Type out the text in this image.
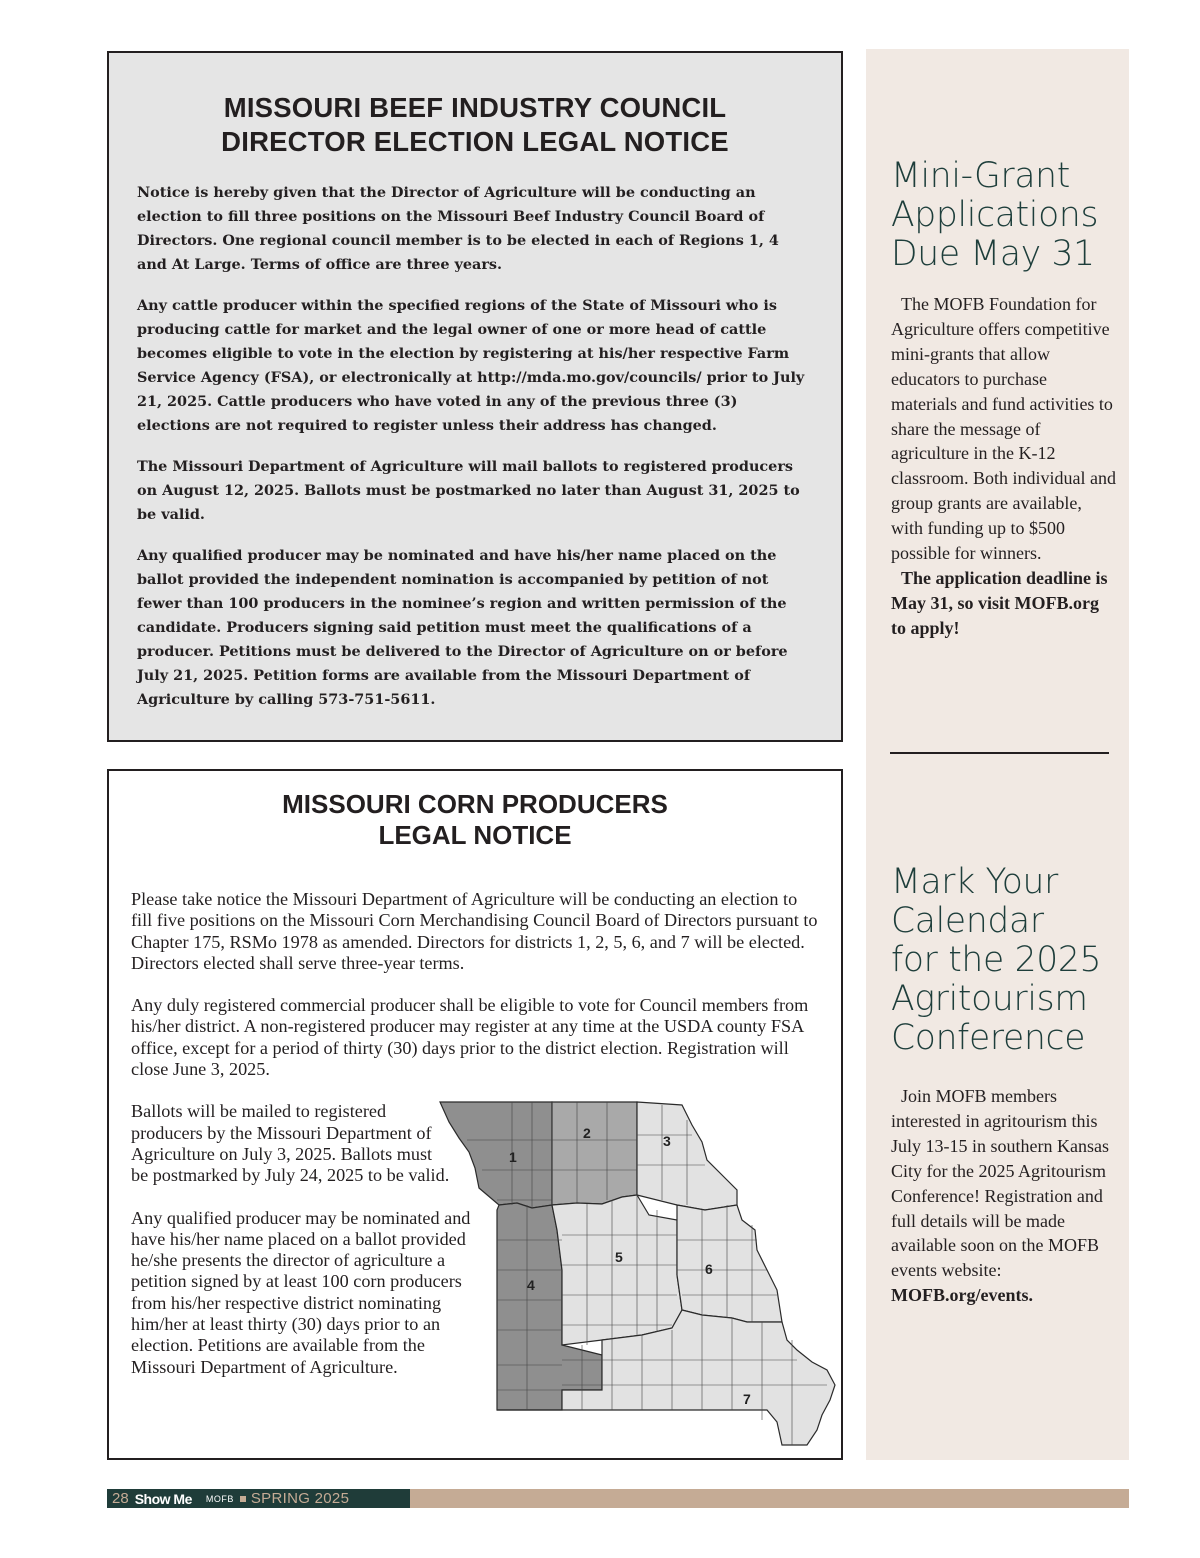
MISSOURI BEEF INDUSTRY COUNCIL
DIRECTOR ELECTION LEGAL NOTICE

Notice is hereby given that the Director of Agriculture will be conducting an election to fill three positions on the Missouri Beef Industry Council Board of Directors. One regional council member is to be elected in each of Regions 1, 4 and At Large. Terms of office are three years.

Any cattle producer within the specified regions of the State of Missouri who is producing cattle for market and the legal owner of one or more head of cattle becomes eligible to vote in the election by registering at his/her respective Farm Service Agency (FSA), or electronically at http://mda.mo.gov/councils/ prior to July 21, 2025. Cattle producers who have voted in any of the previous three (3) elections are not required to register unless their address has changed.

The Missouri Department of Agriculture will mail ballots to registered producers on August 12, 2025. Ballots must be postmarked no later than August 31, 2025 to be valid.

Any qualified producer may be nominated and have his/her name placed on the ballot provided the independent nomination is accompanied by petition of not fewer than 100 producers in the nominee’s region and written permission of the candidate. Producers signing said petition must meet the qualifications of a producer. Petitions must be delivered to the Director of Agriculture on or before July 21, 2025. Petition forms are available from the Missouri Department of Agriculture by calling 573-751-5611.

MISSOURI CORN PRODUCERS
LEGAL NOTICE

Please take notice the Missouri Department of Agriculture will be conducting an election to fill five positions on the Missouri Corn Merchandising Council Board of Directors pursuant to Chapter 175, RSMo 1978 as amended. Directors for districts 1, 2, 5, 6, and 7 will be elected. Directors elected shall serve three-year terms.

Any duly registered commercial producer shall be eligible to vote for Council members from his/her district. A non-registered producer may register at any time at the USDA county FSA office, except for a period of thirty (30) days prior to the district election. Registration will close June 3, 2025.

Ballots will be mailed to registered producers by the Missouri Department of Agriculture on July 3, 2025. Ballots must be postmarked by July 24, 2025 to be valid.

Any qualified producer may be nominated and have his/her name placed on a ballot provided he/she presents the director of agriculture a petition signed by at least 100 corn producers from his/her respective district nominating him/her at least thirty (30) days prior to an election. Petitions are available from the Missouri Department of Agriculture.

1
2	3
4
5
6
7
Mini-Grant
Applications
Due May 31

The MOFB Foundation for Agriculture offers competitive mini-grants that allow educators to purchase materials and fund activities to share the message of agriculture in the K-12 classroom. Both individual and group grants are available, with funding up to $500 possible for winners.

The application deadline is May 31, so visit MOFB.org to apply!

Mark Your
Calendar
for the 2025
Agritourism
Conference

Join MOFB members interested in agritourism this July 13-15 in southern Kansas City for the 2025 Agritourism Conference! Registration and full details will be made available soon on the MOFB events website:

MOFB.org/events.

28 Show Me MOFB SPRING 2025
